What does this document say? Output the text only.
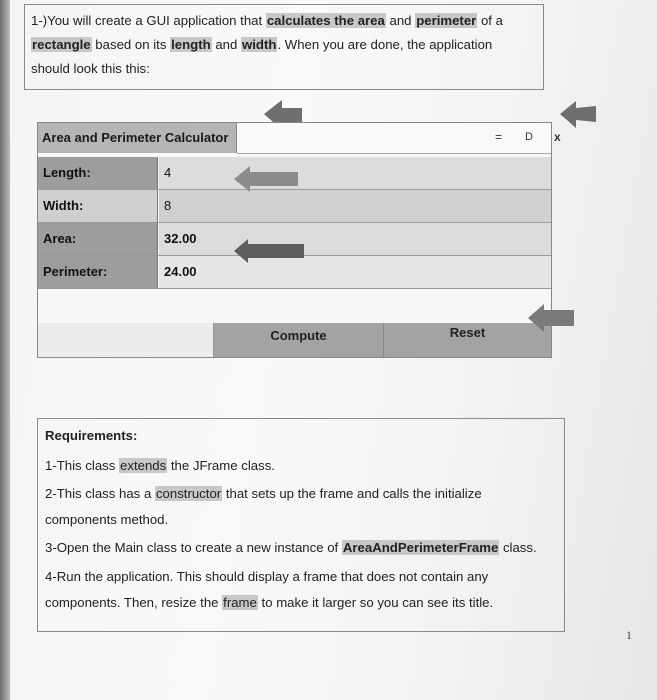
1-)You will create a GUI application that calculates the area and perimeter of a
rectangle based on its length and width. When you are done, the application
should look this this:
Area and Perimeter Calculator	= D x
Length:	4
Width:	8
Area:	32.00
Perimeter:	24.00
Compute	Reset
Requirements:
1-This class extends the JFrame class.
2-This class has a constructor that sets up the frame and calls the initialize
components method.
3-Open the Main class to create a new instance of AreaAndPerimeterFrame class.
4-Run the application. This should display a frame that does not contain any
components. Then, resize the frame to make it larger so you can see its title.
1
